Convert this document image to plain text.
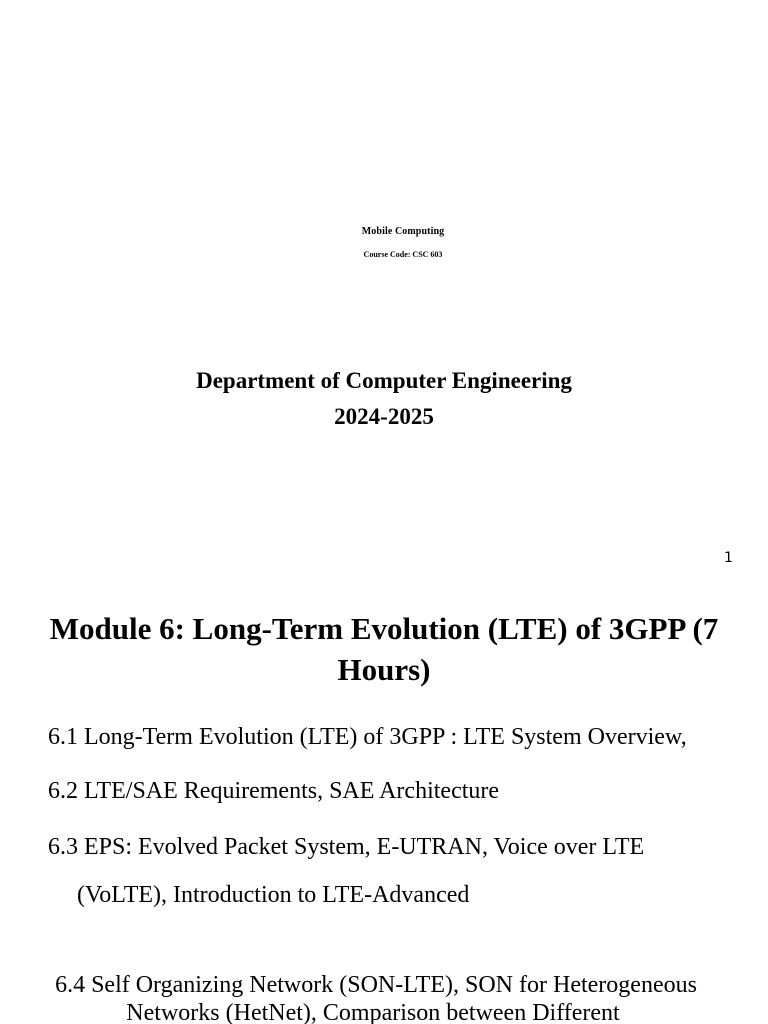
Mobile Computing
Course Code: CSC 603
Department of Computer Engineering
2024-2025
1
Module 6: Long-Term Evolution (LTE) of 3GPP (7 Hours)
6.1 Long-Term Evolution (LTE) of 3GPP : LTE System Overview,
6.2 LTE/SAE Requirements, SAE Architecture
6.3 EPS: Evolved Packet System, E-UTRAN, Voice over LTE
(VoLTE), Introduction to LTE-Advanced
6.4 Self Organizing Network (SON-LTE), SON for Heterogeneous
Networks (HetNet), Comparison between Different
